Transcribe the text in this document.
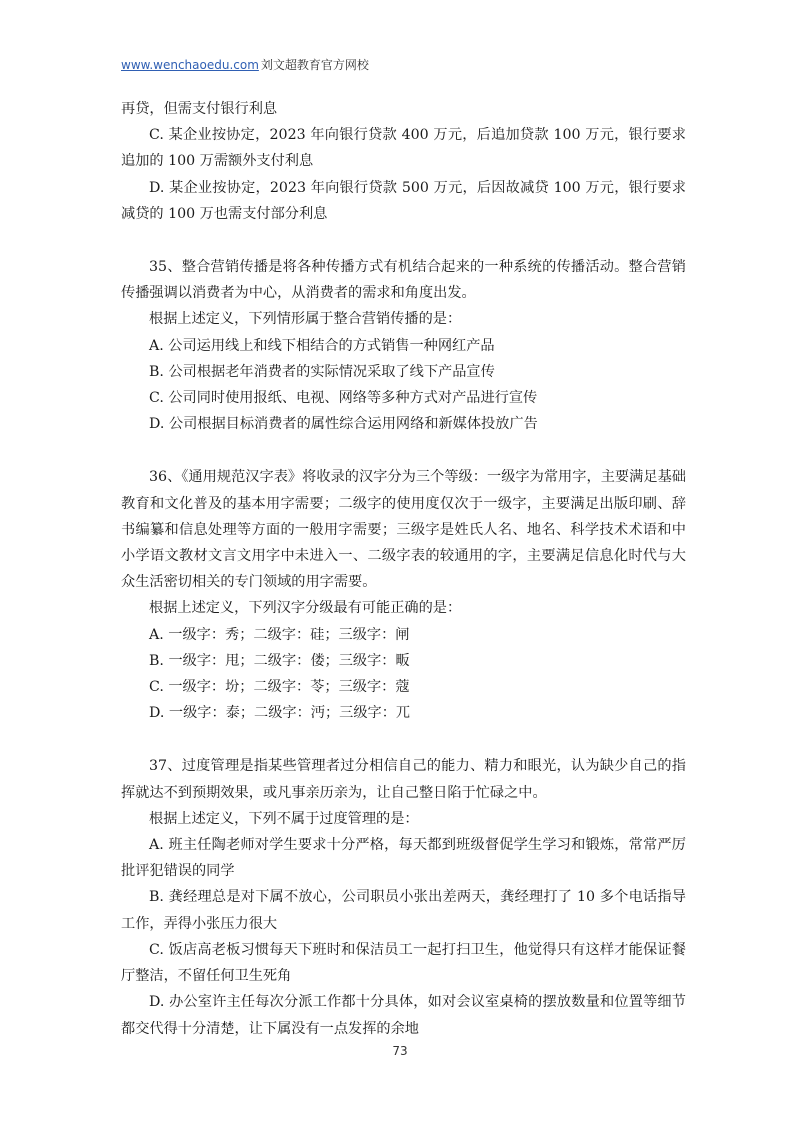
www.wenchaoedu.com 刘文超教育官方网校

再贷，但需支付银行利息

C. 某企业按协定，2023 年向银行贷款 400 万元，后追加贷款 100 万元，银行要求追加的 100 万需额外支付利息

D. 某企业按协定，2023 年向银行贷款 500 万元，后因故减贷 100 万元，银行要求减贷的 100 万也需支付部分利息

35、整合营销传播是将各种传播方式有机结合起来的一种系统的传播活动。整合营销传播强调以消费者为中心，从消费者的需求和角度出发。

根据上述定义，下列情形属于整合营销传播的是：

A. 公司运用线上和线下相结合的方式销售一种网红产品

B. 公司根据老年消费者的实际情况采取了线下产品宣传

C. 公司同时使用报纸、电视、网络等多种方式对产品进行宣传

D. 公司根据目标消费者的属性综合运用网络和新媒体投放广告

36、《通用规范汉字表》将收录的汉字分为三个等级：一级字为常用字，主要满足基础教育和文化普及的基本用字需要；二级字的使用度仅次于一级字，主要满足出版印刷、辞书编纂和信息处理等方面的一般用字需要；三级字是姓氏人名、地名、科学技术术语和中小学语文教材文言文用字中未进入一、二级字表的较通用的字，主要满足信息化时代与大众生活密切相关的专门领域的用字需要。

根据上述定义，下列汉字分级最有可能正确的是：

A. 一级字：秀；二级字：硅；三级字：闸

B. 一级字：甩；二级字：偻；三级字：畈

C. 一级字：坋；二级字：苓；三级字：蔻

D. 一级字：泰；二级字：沔；三级字：兀

37、过度管理是指某些管理者过分相信自己的能力、精力和眼光，认为缺少自己的指挥就达不到预期效果，或凡事亲历亲为，让自己整日陷于忙碌之中。

根据上述定义，下列不属于过度管理的是：

A. 班主任陶老师对学生要求十分严格，每天都到班级督促学生学习和锻炼，常常严厉批评犯错误的同学

B. 龚经理总是对下属不放心，公司职员小张出差两天，龚经理打了 10 多个电话指导工作，弄得小张压力很大

C. 饭店高老板习惯每天下班时和保洁员工一起打扫卫生，他觉得只有这样才能保证餐厅整洁，不留任何卫生死角

D. 办公室许主任每次分派工作都十分具体，如对会议室桌椅的摆放数量和位置等细节都交代得十分清楚，让下属没有一点发挥的余地

73
